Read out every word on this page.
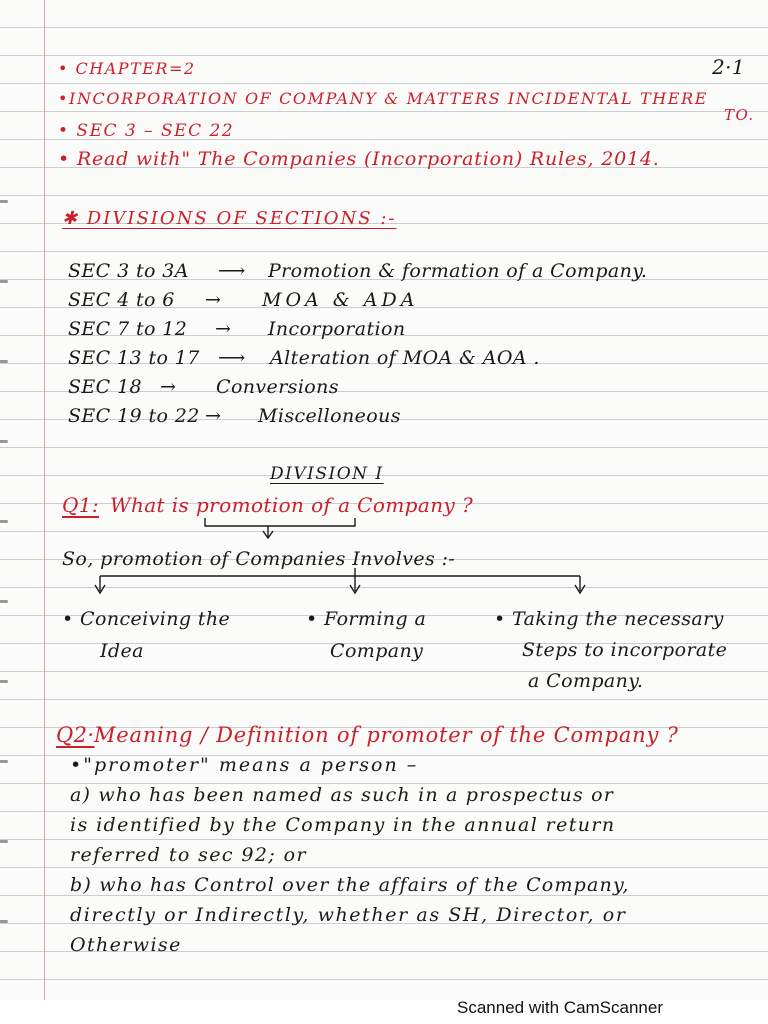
• CHAPTER=2	2·1
•INCORPORATION OF COMPANY & MATTERS INCIDENTAL THERE
TO.
• SEC 3 – SEC 22
• Read with" The Companies (Incorporation) Rules, 2014.
✱ DIVISIONS OF SECTIONS :-
SEC 3 to 3A ⟶ Promotion & formation of a Company.
SEC 4 to 6 → MOA & ADA
SEC 7 to 12 → Incorporation
SEC 13 to 17 ⟶ Alteration of MOA & AOA .
SEC 18 → Conversions
SEC 19 to 22 → Miscelloneous
DIVISION I
Q1: What is promotion of a Company ?
So, promotion of Companies Involves :-
• Conceiving the
Idea
• Forming a
Company
• Taking the necessary
Steps to incorporate
a Company.
Q2· Meaning / Definition of promoter of the Company ?
•"promoter" means a person –
a) who has been named as such in a prospectus or
is identified by the Company in the annual return
referred to sec 92; or
b) who has Control over the affairs of the Company,
directly or Indirectly, whether as SH, Director, or
Otherwise
Scanned with CamScanner
